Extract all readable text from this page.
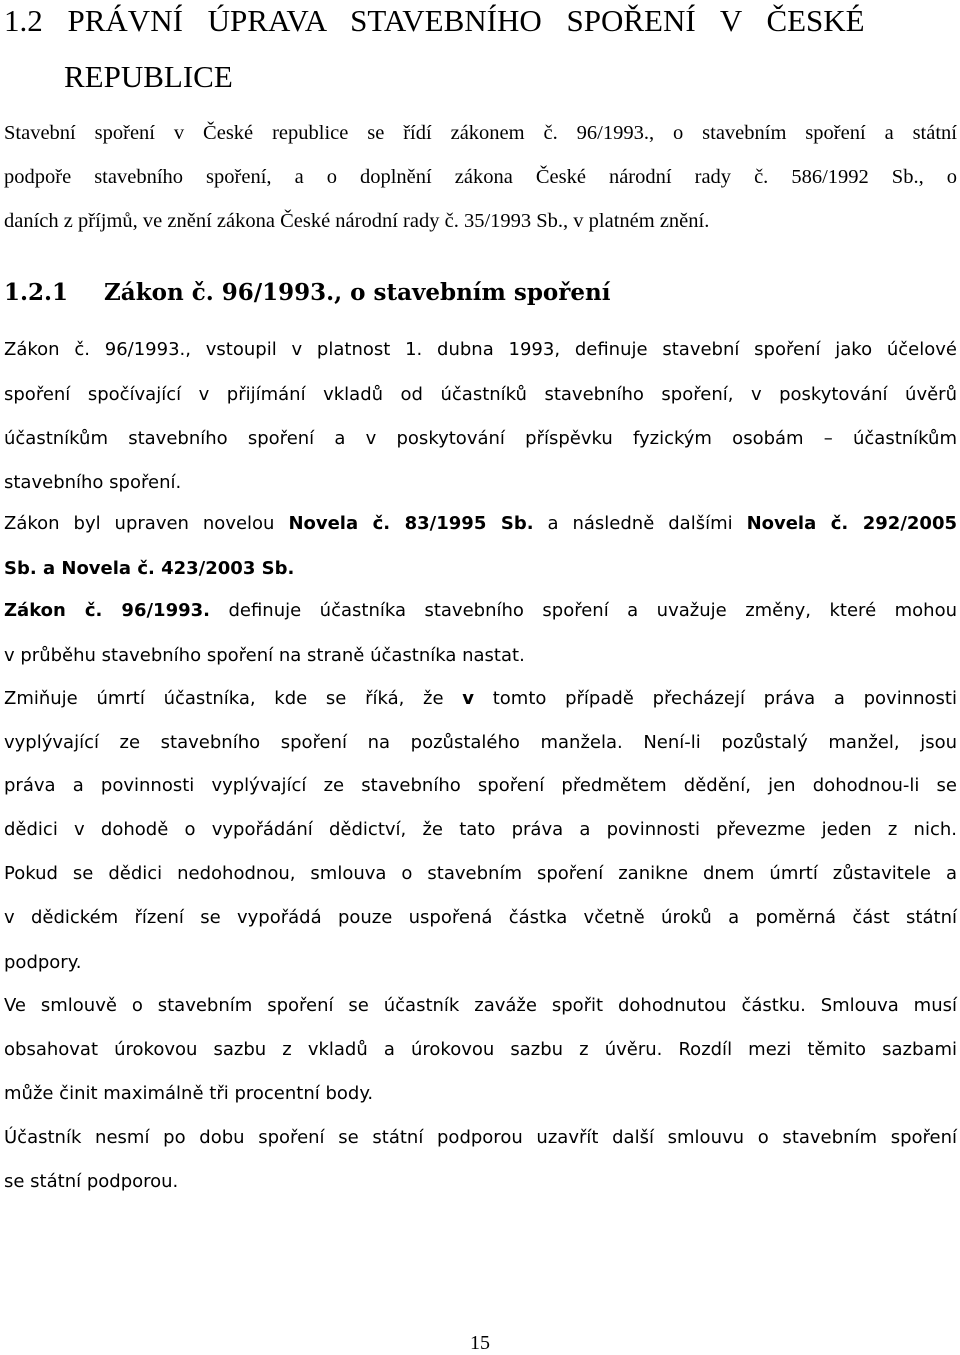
1.2 PRÁVNÍ ÚPRAVA STAVEBNÍHO SPOŘENÍ V ČESKÉ
REPUBLICE
Stavební spoření v České republice se řídí zákonem č. 96/1993., o stavebním spoření a státní
podpoře stavebního spoření, a o doplnění zákona České národní rady č. 586/1992 Sb., o
daních z příjmů, ve znění zákona České národní rady č. 35/1993 Sb., v platném znění.
1.2.1 Zákon č. 96/1993., o stavebním spoření
Zákon č. 96/1993., vstoupil v platnost 1. dubna 1993, definuje stavební spoření jako účelové
spoření spočívající v přijímání vkladů od účastníků stavebního spoření, v poskytování úvěrů
účastníkům stavebního spoření a v poskytování příspěvku fyzickým osobám – účastníkům
stavebního spoření.
Zákon byl upraven novelou Novela č. 83/1995 Sb. a následně dalšími Novela č. 292/2005
Sb. a Novela č. 423/2003 Sb.
Zákon č. 96/1993. definuje účastníka stavebního spoření a uvažuje změny, které mohou
v průběhu stavebního spoření na straně účastníka nastat.
Zmiňuje úmrtí účastníka, kde se říká, že v tomto případě přecházejí práva a povinnosti
vyplývající ze stavebního spoření na pozůstalého manžela. Není-li pozůstalý manžel, jsou
práva a povinnosti vyplývající ze stavebního spoření předmětem dědění, jen dohodnou-li se
dědici v dohodě o vypořádání dědictví, že tato práva a povinnosti převezme jeden z nich.
Pokud se dědici nedohodnou, smlouva o stavebním spoření zanikne dnem úmrtí zůstavitele a
v dědickém řízení se vypořádá pouze uspořená částka včetně úroků a poměrná část státní
podpory.
Ve smlouvě o stavebním spoření se účastník zaváže spořit dohodnutou částku. Smlouva musí
obsahovat úrokovou sazbu z vkladů a úrokovou sazbu z úvěru. Rozdíl mezi těmito sazbami
může činit maximálně tři procentní body.
Účastník nesmí po dobu spoření se státní podporou uzavřít další smlouvu o stavebním spoření
se státní podporou.
15
